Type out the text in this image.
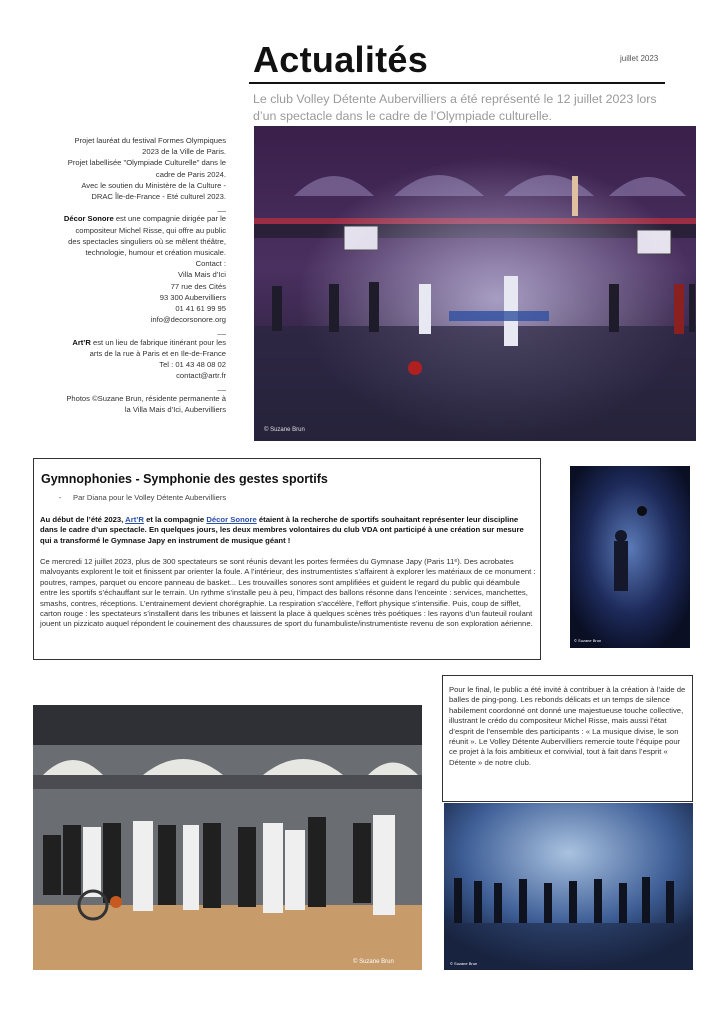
Actualités	juillet 2023
Le club Volley Détente Aubervilliers a été représenté le 12 juillet 2023 lors d’un spectacle dans le cadre de l’Olympiade culturelle.
Projet lauréat du festival Formes Olympiques
2023 de la Ville de Paris.
Projet labellisée "Olympiade Culturelle" dans le
cadre de Paris 2024.
Avec le soutien du Ministère de la Culture -
DRAC Île-de-France - Eté culturel 2023.
__
Décor Sonore est une compagnie dirigée par le
compositeur Michel Risse, qui offre au public
des spectacles singuliers où se mêlent théâtre,
technologie, humour et création musicale.
Contact :
Villa Mais d’Ici
77 rue des Cités
93 300 Aubervilliers
01 41 61 99 95
info@decorsonore.org
__
Art’R est un lieu de fabrique itinérant pour les
arts de la rue à Paris et en Ile-de-France
Tel : 01 43 48 08 02
contact@artr.fr
__
Photos ©Suzane Brun, résidente permanente à
la Villa Mais d’Ici, Aubervilliers
© Suzane Brun
Gymnophonies - Symphonie des gestes sportifs
- Par Diana pour le Volley Détente Aubervilliers
Au début de l’été 2023, Art’R et la compagnie Décor Sonore étaient à la recherche de sportifs souhaitant représenter leur discipline dans le cadre d’un spectacle. En quelques jours, les deux membres volontaires du club VDA ont participé à une création sur mesure qui a transformé le Gymnase Japy en instrument de musique géant !
Ce mercredi 12 juillet 2023, plus de 300 spectateurs se sont réunis devant les portes fermées du Gymnase Japy (Paris 11ᵉ). Des acrobates malvoyants explorent le toit et finissent par orienter la foule. A l’intérieur, des instrumentistes s’affairent à explorer les matériaux de ce monument : poutres, rampes, parquet ou encore panneau de basket... Les trouvailles sonores sont amplifiées et guident le regard du public qui déambule entre les sportifs s’échauffant sur le terrain. Un rythme s’installe peu à peu, l’impact des ballons résonne dans l’enceinte : services, manchettes, smashs, contres, réceptions. L’entrainement devient chorégraphie. La respiration s’accélère, l’effort physique s’intensifie. Puis, coup de sifflet, carton rouge : les spectateurs s’installent dans les tribunes et laissent la place à quelques scènes très poétiques : les rayons d’un fauteuil roulant jouent un pizzicato auquel répondent le couinement des chaussures de sport du funambuliste/instrumentiste revenu de son exploration aérienne.
© Suzane Brun
Pour le final, le public a été invité à contribuer à la création à l’aide de balles de ping-pong. Les rebonds délicats et un temps de silence habilement coordonné ont donné une majestueuse touche collective, illustrant le crédo du compositeur Michel Risse, mais aussi l’état d’esprit de l’ensemble des participants : « La musique divise, le son réunit ». Le Volley Détente Aubervilliers remercie toute l’équipe pour ce projet à la fois ambitieux et convivial, tout à fait dans l’esprit « Détente » de notre club.
© Suzane Brun	© Suzane Brun
